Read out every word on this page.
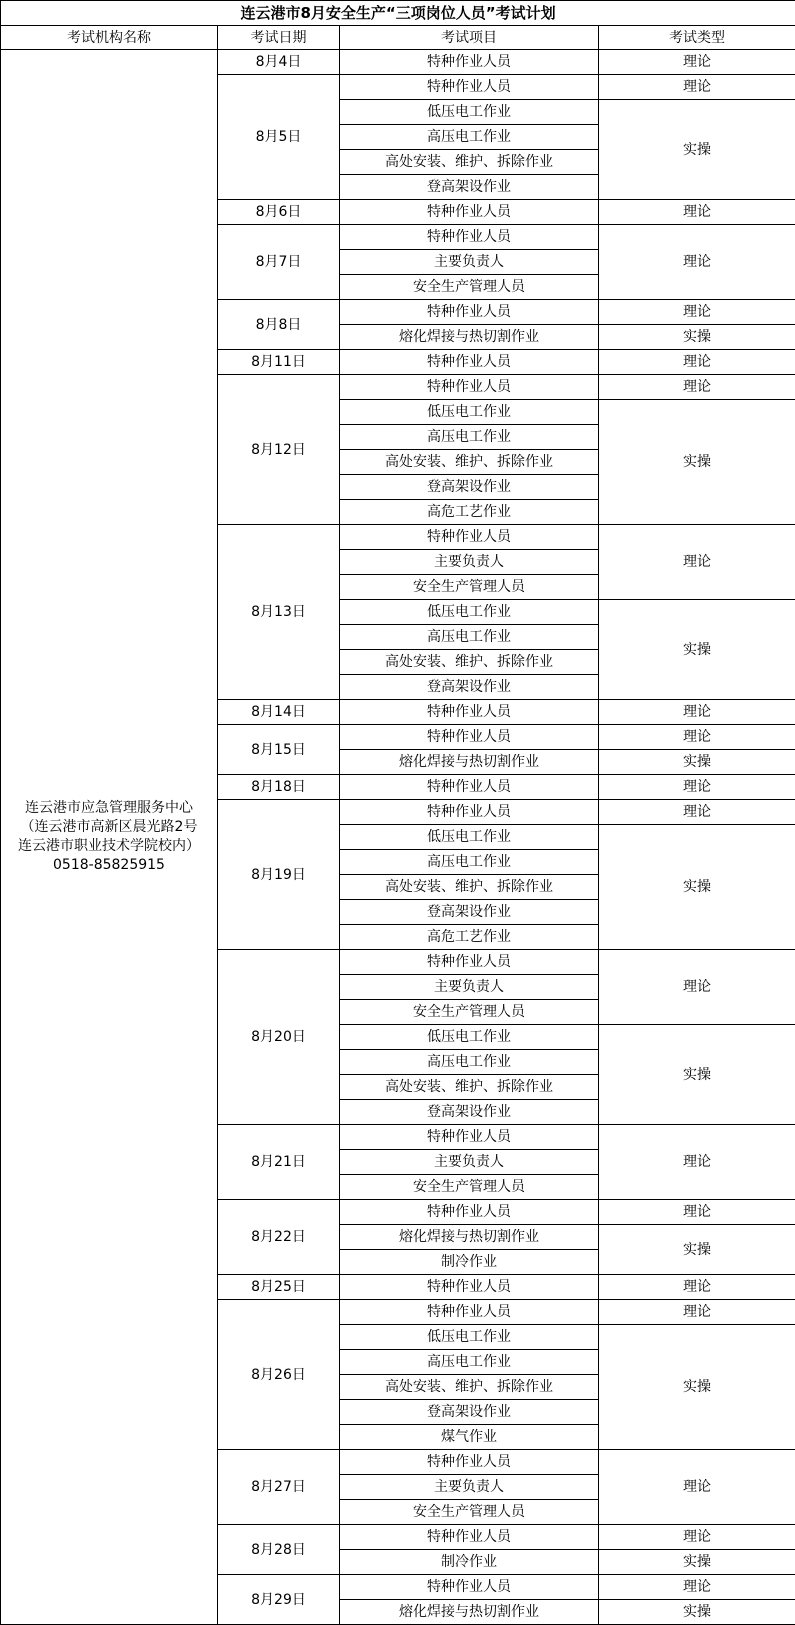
连云港市8月安全生产“三项岗位人员”考试计划			
考试机构名称	考试日期	考试项目	考试类型

连云港市应急管理服务中心
（连云港市高新区晨光路2号
连云港市职业技术学院校内）
0518-85825915	8月4日	特种作业人员	理论
	8月5日	特种作业人员	理论
		低压电工作业	实操
		高压电工作业	
		高处安装、维护、拆除作业	
		登高架设作业	
	8月6日	特种作业人员	理论
	8月7日	特种作业人员	理论
		主要负责人	
		安全生产管理人员	
	8月8日	特种作业人员	理论
		熔化焊接与热切割作业	实操
	8月11日	特种作业人员	理论
	8月12日	特种作业人员	理论
		低压电工作业	实操
		高压电工作业	
		高处安装、维护、拆除作业	
		登高架设作业	
		高危工艺作业	
	8月13日	特种作业人员	理论
		主要负责人	
		安全生产管理人员	
		低压电工作业	实操
		高压电工作业	
		高处安装、维护、拆除作业	
		登高架设作业	
	8月14日	特种作业人员	理论
	8月15日	特种作业人员	理论
		熔化焊接与热切割作业	实操
	8月18日	特种作业人员	理论
	8月19日	特种作业人员	理论
		低压电工作业	实操
		高压电工作业	
		高处安装、维护、拆除作业	
		登高架设作业	
		高危工艺作业	
	8月20日	特种作业人员	理论
		主要负责人	
		安全生产管理人员	
		低压电工作业	实操
		高压电工作业	
		高处安装、维护、拆除作业	
		登高架设作业	
	8月21日	特种作业人员	理论
		主要负责人	
		安全生产管理人员	
	8月22日	特种作业人员	理论
		熔化焊接与热切割作业	实操
		制冷作业	
	8月25日	特种作业人员	理论
	8月26日	特种作业人员	理论
		低压电工作业	实操
		高压电工作业	
		高处安装、维护、拆除作业	
		登高架设作业	
		煤气作业	
	8月27日	特种作业人员	理论
		主要负责人	
		安全生产管理人员	
	8月28日	特种作业人员	理论
		制冷作业	实操
	8月29日	特种作业人员	理论
		熔化焊接与热切割作业	实操
